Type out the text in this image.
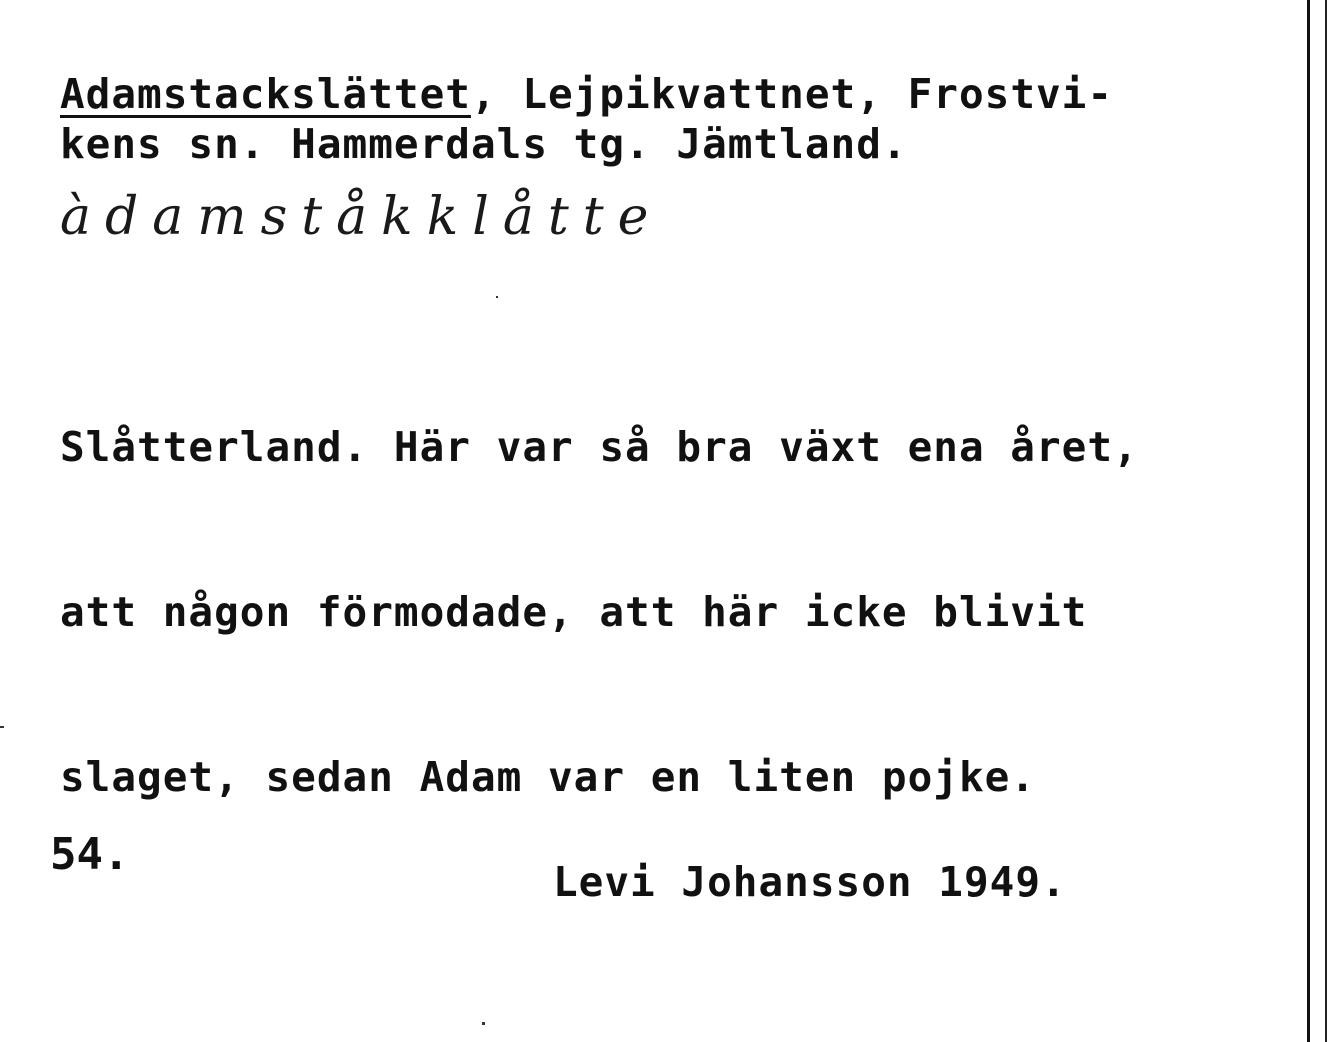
Adamstackslättet, Lejpikvattnet, Frostvi-
kens sn. Hammerdals tg. Jämtland.
àdamståkklåtte

Slåtterland. Här var så bra växt ena året,

att någon förmodade, att här icke blivit

slaget, sedan Adam var en liten pojke.

54.
Levi Johansson 1949.
